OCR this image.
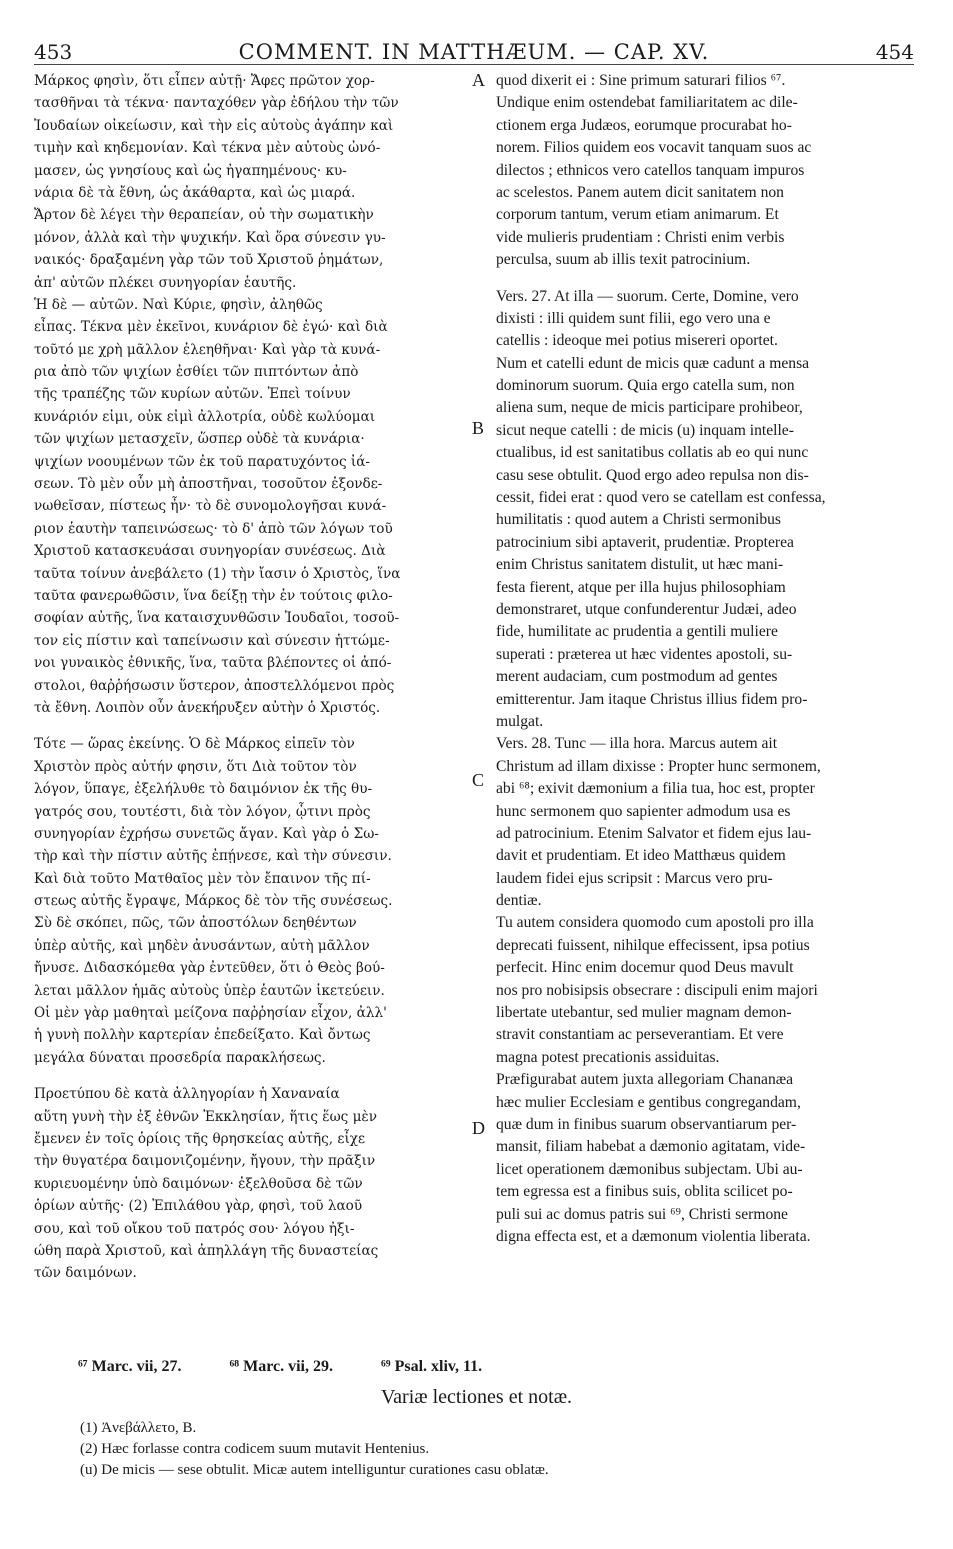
453	COMMENT. IN MATTHÆUM. — CAP. XV.	454
Μάρκος φησὶν, ὅτι εἶπεν αὐτῇ· Ἄφες πρῶτον χορ-
τασθῆναι τὰ τέκνα· πανταχόθεν γὰρ ἐδήλου τὴν τῶν
Ἰουδαίων οἰκείωσιν, καὶ τὴν εἰς αὐτοὺς ἀγάπην καὶ
τιμὴν καὶ κηδεμονίαν. Καὶ τέκνα μὲν αὐτοὺς ὠνό-
μασεν, ὡς γνησίους καὶ ὡς ἠγαπημένους· κυ-
νάρια δὲ τὰ ἔθνη, ὡς ἀκάθαρτα, καὶ ὡς μιαρά.
Ἄρτον δὲ λέγει τὴν θεραπείαν, οὐ τὴν σωματικὴν
μόνον, ἀλλὰ καὶ τὴν ψυχικήν. Καὶ ὅρα σύνεσιν γυ-
ναικός· δραξαμένη γὰρ τῶν τοῦ Χριστοῦ ῥημάτων,
ἀπ' αὐτῶν πλέκει συνηγορίαν ἑαυτῆς.
Ἡ δὲ — αὐτῶν. Ναὶ Κύριε, φησὶν, ἀληθῶς
εἶπας. Τέκνα μὲν ἐκεῖνοι, κυνάριον δὲ ἐγώ· καὶ διὰ
τοῦτό με χρὴ μᾶλλον ἐλεηθῆναι· Καὶ γὰρ τὰ κυνά-
ρια ἀπὸ τῶν ψιχίων ἐσθίει τῶν πιπτόντων ἀπὸ
τῆς τραπέζης τῶν κυρίων αὐτῶν. Ἐπεὶ τοίνυν
κυνάριόν εἰμι, οὐκ εἰμὶ ἀλλοτρία, οὐδὲ κωλύομαι
τῶν ψιχίων μετασχεῖν, ὥσπερ οὐδὲ τὰ κυνάρια·
ψιχίων νοουμένων τῶν ἐκ τοῦ παρατυχόντος ἰά-
σεων. Τὸ μὲν οὖν μὴ ἀποστῆναι, τοσοῦτον ἐξονδε-
νωθεῖσαν, πίστεως ἦν· τὸ δὲ συνομολογῆσαι κυνά-
ριον ἑαυτὴν ταπεινώσεως· τὸ δ' ἀπὸ τῶν λόγων τοῦ
Χριστοῦ κατασκευάσαι συνηγορίαν συνέσεως. Διὰ
ταῦτα τοίνυν ἀνεβάλετο (1) τὴν ἴασιν ὁ Χριστὸς, ἵνα
ταῦτα φανερωθῶσιν, ἵνα δείξῃ τὴν ἐν τούτοις φιλο-
σοφίαν αὐτῆς, ἵνα καταισχυνθῶσιν Ἰουδαῖοι, τοσοῦ-
τον εἰς πίστιν καὶ ταπείνωσιν καὶ σύνεσιν ἡττώμε-
νοι γυναικὸς ἐθνικῆς, ἵνα, ταῦτα βλέποντες οἱ ἀπό-
στολοι, θαῤῥήσωσιν ὕστερον, ἀποστελλόμενοι πρὸς
τὰ ἔθνη. Λοιπὸν οὖν ἀνεκήρυξεν αὐτὴν ὁ Χριστός.
Τότε — ὥρας ἐκείνης. Ὁ δὲ Μάρκος εἰπεῖν τὸν
Χριστὸν πρὸς αὐτήν φησιν, ὅτι Διὰ τοῦτον τὸν
λόγον, ὕπαγε, ἐξελήλυθε τὸ δαιμόνιον ἐκ τῆς θυ-
γατρός σου, τουτέστι, διὰ τὸν λόγον, ᾧτινι πρὸς
συνηγορίαν ἐχρήσω συνετῶς ἄγαν. Καὶ γὰρ ὁ Σω-
τὴρ καὶ τὴν πίστιν αὐτῆς ἐπῄνεσε, καὶ τὴν σύνεσιν.
Καὶ διὰ τοῦτο Ματθαῖος μὲν τὸν ἔπαινον τῆς πί-
στεως αὐτῆς ἔγραψε, Μάρκος δὲ τὸν τῆς συνέσεως.
Σὺ δὲ σκόπει, πῶς, τῶν ἀποστόλων δεηθέντων
ὑπὲρ αὐτῆς, καὶ μηδὲν ἀνυσάντων, αὐτὴ μᾶλλον
ἤνυσε. Διδασκόμεθα γὰρ ἐντεῦθεν, ὅτι ὁ Θεὸς βού-
λεται μᾶλλον ἡμᾶς αὐτοὺς ὑπὲρ ἑαυτῶν ἱκετεύειν.
Οἱ μὲν γὰρ μαθηταὶ μείζονα παῤῥησίαν εἶχον, ἀλλ'
ἡ γυνὴ πολλὴν καρτερίαν ἐπεδείξατο. Καὶ ὄντως
μεγάλα δύναται προσεδρία παρακλήσεως.
Προετύπου δὲ κατὰ ἀλληγορίαν ἡ Χαναναία
αὕτη γυνὴ τὴν ἐξ ἐθνῶν Ἐκκλησίαν, ἥτις ἕως μὲν
ἔμενεν ἐν τοῖς ὁρίοις τῆς θρησκείας αὐτῆς, εἶχε
τὴν θυγατέρα δαιμονιζομένην, ἤγουν, τὴν πρᾶξιν
κυριευομένην ὑπὸ δαιμόνων· ἐξελθοῦσα δὲ τῶν
ὁρίων αὐτῆς· (2) Ἐπιλάθου γὰρ, φησὶ, τοῦ λαοῦ
σου, καὶ τοῦ οἴκου τοῦ πατρός σου· λόγου ἠξι-
ώθη παρὰ Χριστοῦ, καὶ ἀπηλλάγη τῆς δυναστείας
τῶν δαιμόνων.
quod dixerit ei : Sine primum saturari filios ⁶⁷.
Undique enim ostendebat familiaritatem ac dile-
ctionem erga Judæos, eorumque procurabat ho-
norem. Filios quidem eos vocavit tanquam suos ac
dilectos ; ethnicos vero catellos tanquam impuros
ac scelestos. Panem autem dicit sanitatem non
corporum tantum, verum etiam animarum. Et
vide mulieris prudentiam : Christi enim verbis
perculsa, suum ab illis texit patrocinium.
Vers. 27. At illa — suorum. Certe, Domine, vero
dixisti : illi quidem sunt filii, ego vero una e
catellis : ideoque mei potius misereri oportet.
Num et catelli edunt de micis quæ cadunt a mensa
dominorum suorum. Quia ergo catella sum, non
aliena sum, neque de micis participare prohibeor,
sicut neque catelli : de micis (u) inquam intelle-
ctualibus, id est sanitatibus collatis ab eo qui nunc
casu sese obtulit. Quod ergo adeo repulsa non dis-
cessit, fidei erat : quod vero se catellam est confessa,
humilitatis : quod autem a Christi sermonibus
patrocinium sibi aptaverit, prudentiæ. Propterea
enim Christus sanitatem distulit, ut hæc mani-
festa fierent, atque per illa hujus philosophiam
demonstraret, utque confunderentur Judæi, adeo
fide, humilitate ac prudentia a gentili muliere
superati : præterea ut hæc videntes apostoli, su-
merent audaciam, cum postmodum ad gentes
emitterentur. Jam itaque Christus illius fidem pro-
mulgat.
Vers. 28. Tunc — illa hora. Marcus autem ait
Christum ad illam dixisse : Propter hunc sermonem,
abi ⁶⁸; exivit dæmonium a filia tua, hoc est, propter
hunc sermonem quo sapienter admodum usa es
ad patrocinium. Etenim Salvator et fidem ejus lau-
davit et prudentiam. Et ideo Matthæus quidem
laudem fidei ejus scripsit : Marcus vero pru-
dentiæ.
Tu autem considera quomodo cum apostoli pro illa
deprecati fuissent, nihilque effecissent, ipsa potius
perfecit. Hinc enim docemur quod Deus mavult
nos pro nobisipsis obsecrare : discipuli enim majori
libertate utebantur, sed mulier magnam demon-
stravit constantiam ac perseverantiam. Et vere
magna potest precationis assiduitas.
Præfigurabat autem juxta allegoriam Chananæa
hæc mulier Ecclesiam e gentibus congregandam,
quæ dum in finibus suarum observantiarum per-
mansit, filiam habebat a dæmonio agitatam, vide-
licet operationem dæmonibus subjectam. Ubi au-
tem egressa est a finibus suis, oblita scilicet po-
puli sui ac domus patris sui ⁶⁹, Christi sermone
digna effecta est, et a dæmonum violentia liberata.
A
B
C
D
⁶⁷ Marc. vii, 27.	⁶⁸ Marc. vii, 29.	⁶⁹ Psal. xliv, 11.
Variæ lectiones et notæ.
(1) Ἀνεβάλλετο, B.
(2) Hæc forlasse contra codicem suum mutavit Hentenius.
(u) De micis — sese obtulit. Micæ autem intelliguntur curationes casu oblatæ.
